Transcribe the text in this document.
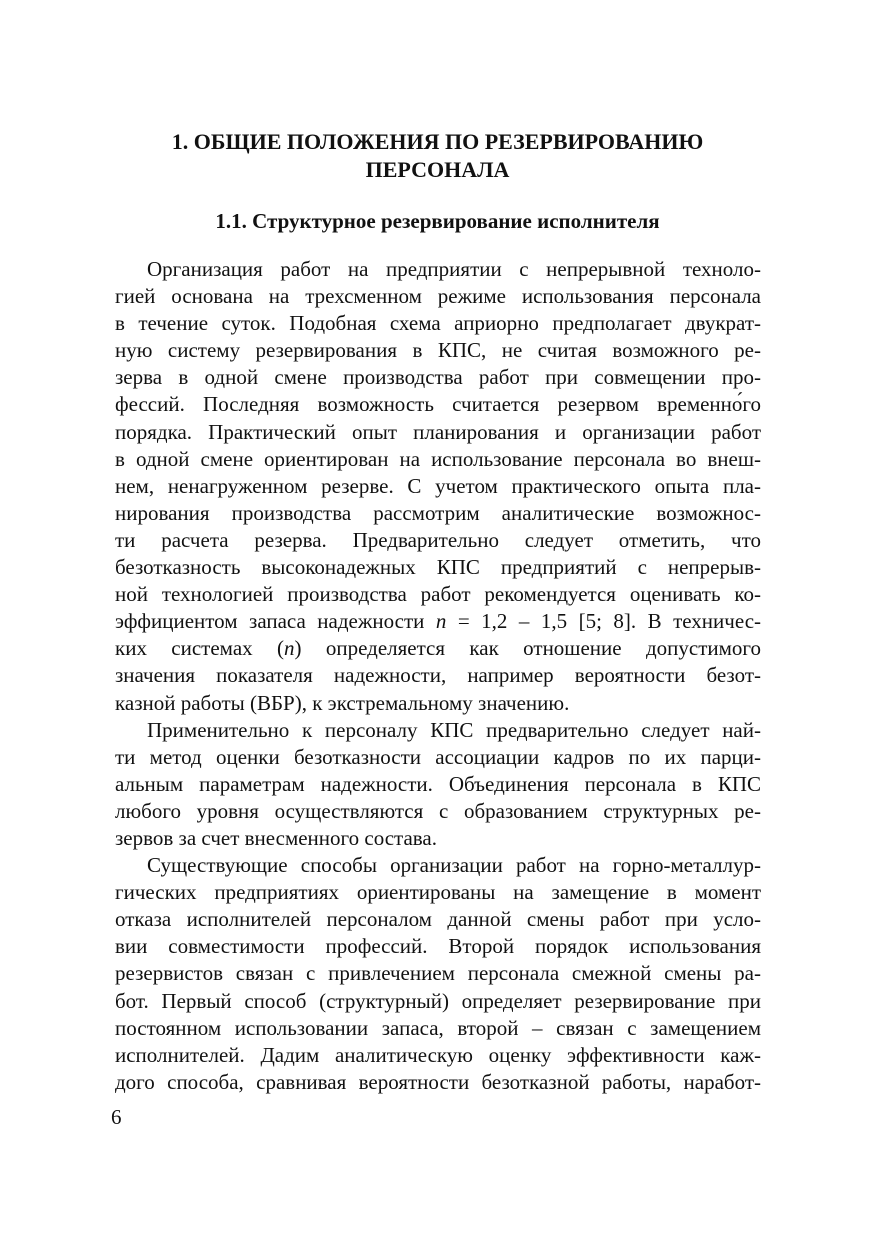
1. ОБЩИЕ ПОЛОЖЕНИЯ ПО РЕЗЕРВИРОВАНИЮ
ПЕРСОНАЛА
1.1. Структурное резервирование исполнителя
Организация работ на предприятии с непрерывной техноло-
гией основана на трехсменном режиме использования персонала
в течение суток. Подобная схема априорно предполагает двукрат-
ную систему резервирования в КПС, не считая возможного ре-
зерва в одной смене производства работ при совмещении про-
фессий. Последняя возможность считается резервом временно́го
порядка. Практический опыт планирования и организации работ
в одной смене ориентирован на использование персонала во внеш-
нем, ненагруженном резерве. С учетом практического опыта пла-
нирования производства рассмотрим аналитические возможнос-
ти расчета резерва. Предварительно следует отметить, что
безотказность высоконадежных КПС предприятий с непрерыв-
ной технологией производства работ рекомендуется оценивать ко-
эффициентом запаса надежности n = 1,2 – 1,5 [5; 8]. В техничес-
ких системах (n) определяется как отношение допустимого
значения показателя надежности, например вероятности безот-
казной работы (ВБР), к экстремальному значению.
Применительно к персоналу КПС предварительно следует най-
ти метод оценки безотказности ассоциации кадров по их парци-
альным параметрам надежности. Объединения персонала в КПС
любого уровня осуществляются с образованием структурных ре-
зервов за счет внесменного состава.
Существующие способы организации работ на горно-металлур-
гических предприятиях ориентированы на замещение в момент
отказа исполнителей персоналом данной смены работ при усло-
вии совместимости профессий. Второй порядок использования
резервистов связан с привлечением персонала смежной смены ра-
бот. Первый способ (структурный) определяет резервирование при
постоянном использовании запаса, второй – связан с замещением
исполнителей. Дадим аналитическую оценку эффективности каж-
дого способа, сравнивая вероятности безотказной работы, наработ-
6
